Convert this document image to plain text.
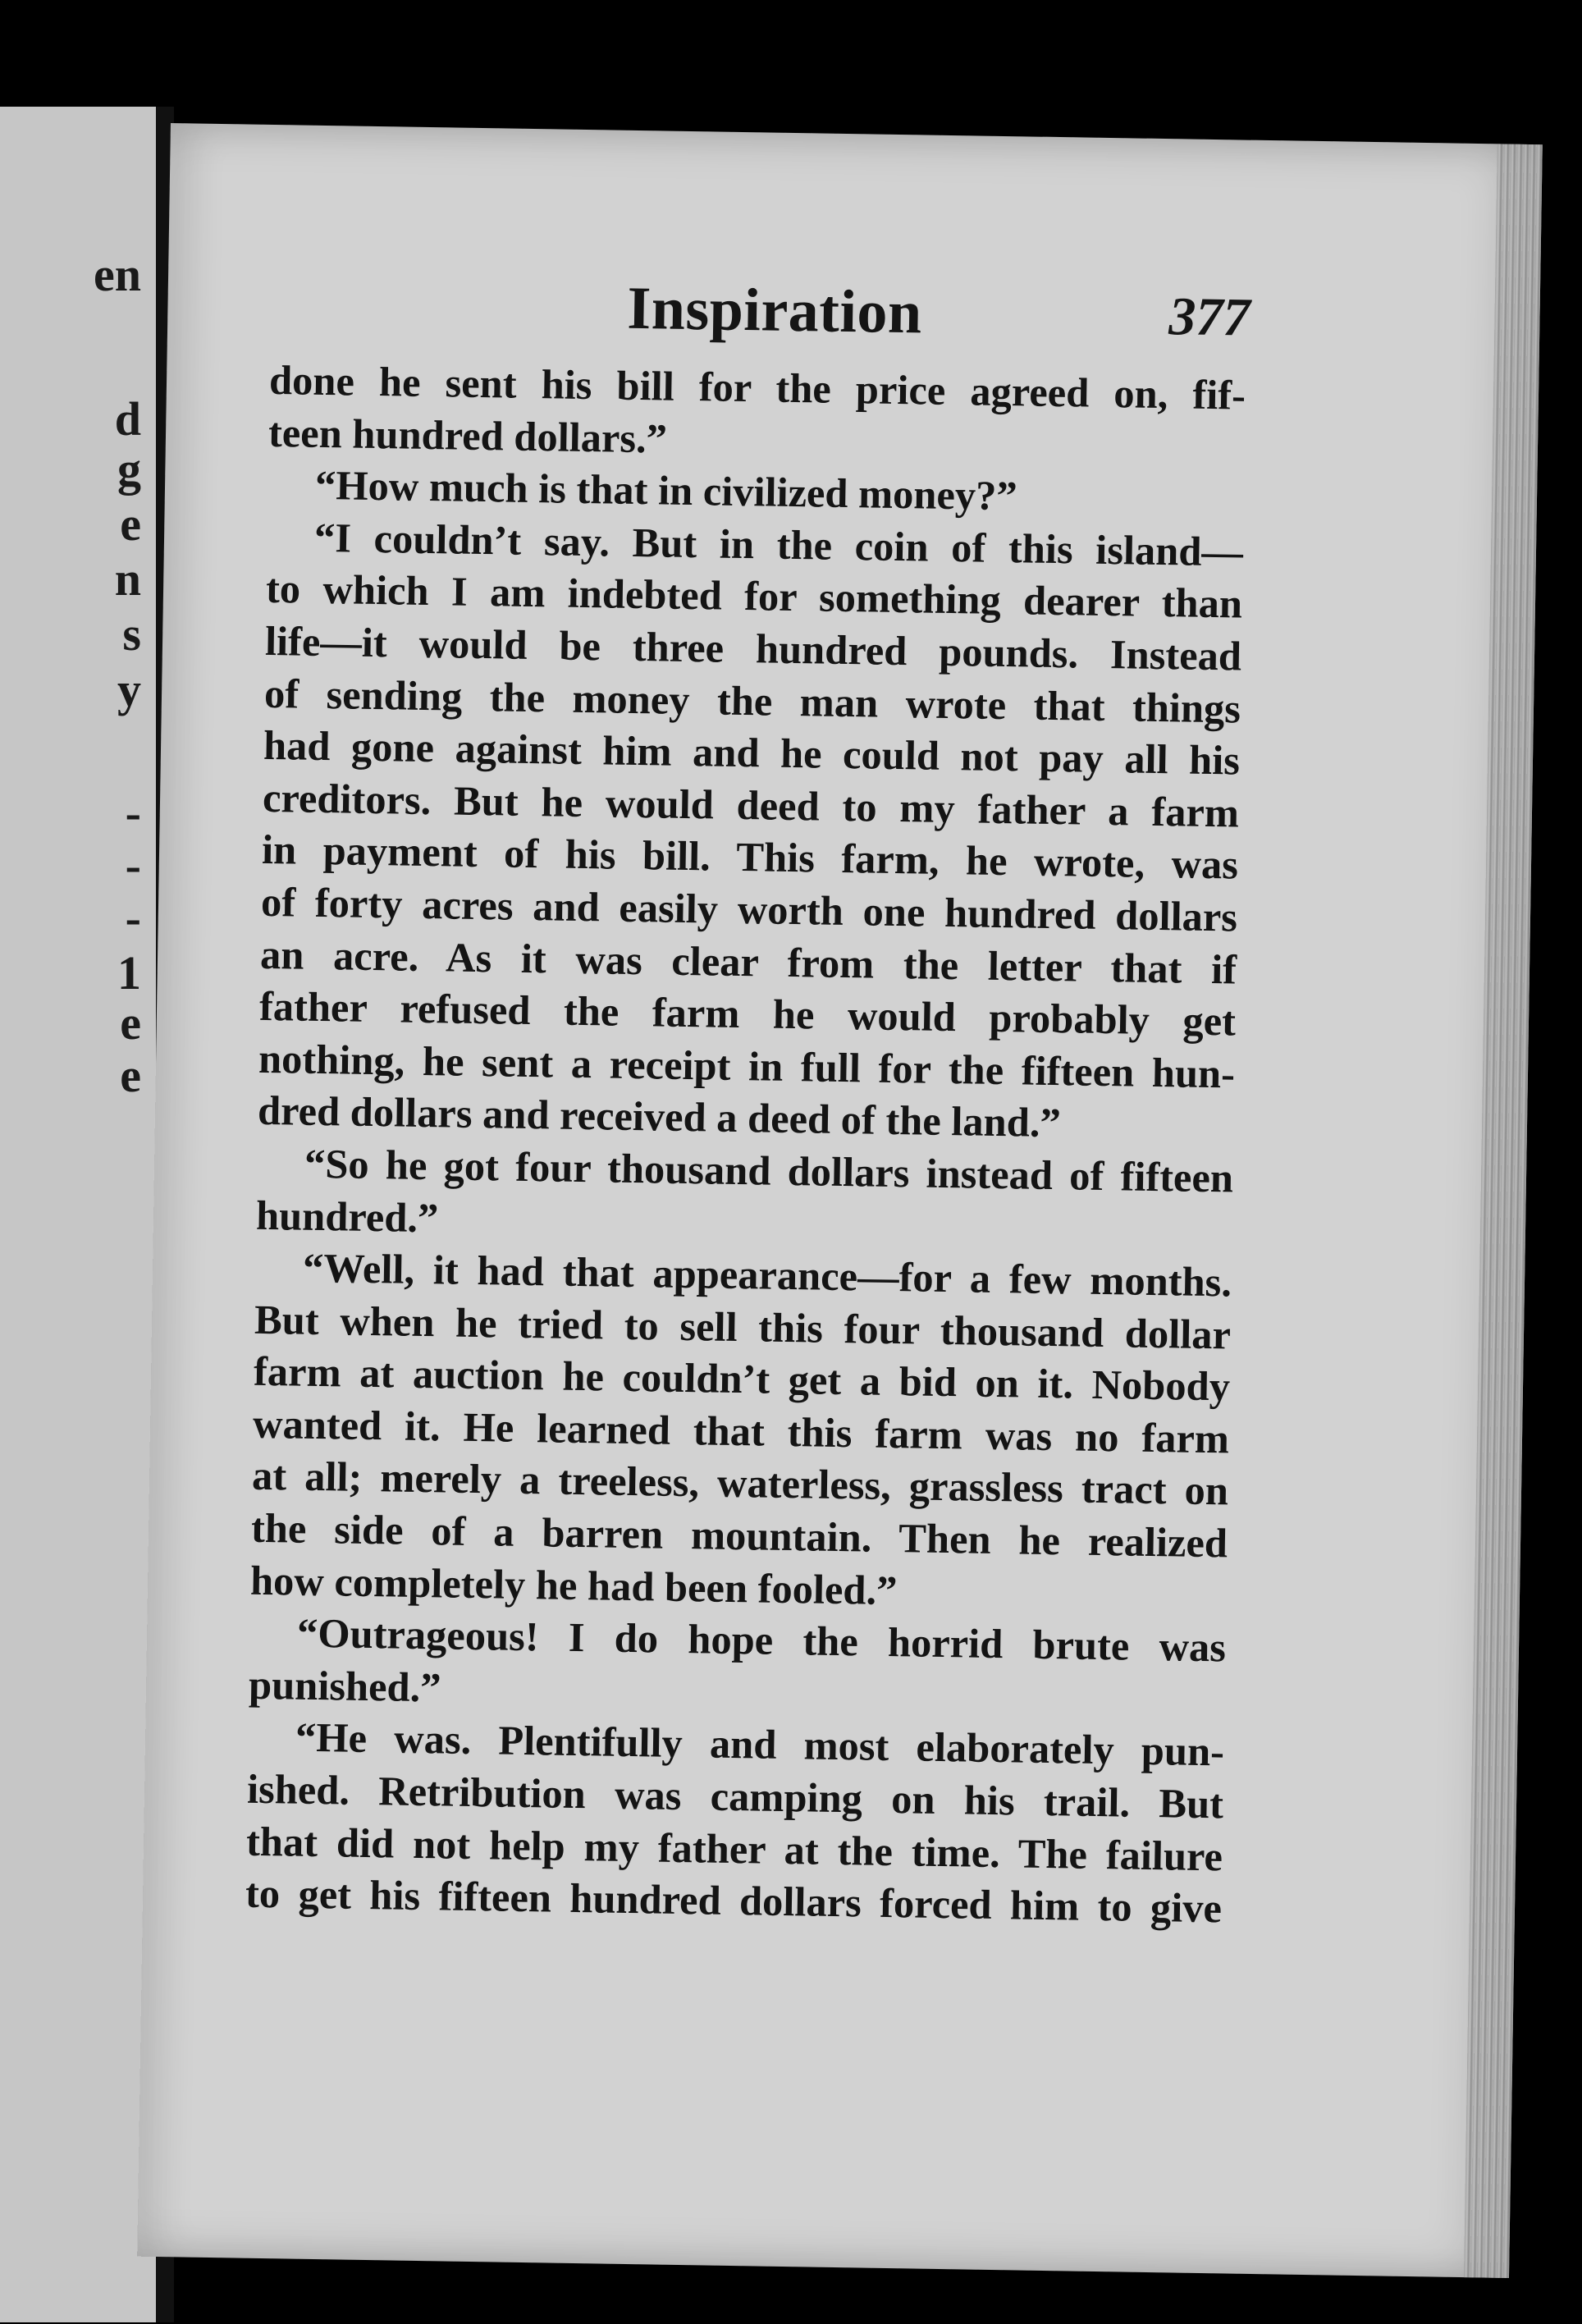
en
d
g
e
n
s
y
-
-
-
1
e
e
Inspiration	377
done he sent his bill for the price agreed on, fif-
teen hundred dollars.”
“How much is that in civilized money?”
“I couldn’t say. But in the coin of this island—
to which I am indebted for something dearer than
life—it would be three hundred pounds. Instead
of sending the money the man wrote that things
had gone against him and he could not pay all his
creditors. But he would deed to my father a farm
in payment of his bill. This farm, he wrote, was
of forty acres and easily worth one hundred dollars
an acre. As it was clear from the letter that if
father refused the farm he would probably get
nothing, he sent a receipt in full for the fifteen hun-
dred dollars and received a deed of the land.”
“So he got four thousand dollars instead of fifteen
hundred.”
“Well, it had that appearance—for a few months.
But when he tried to sell this four thousand dollar
farm at auction he couldn’t get a bid on it. Nobody
wanted it. He learned that this farm was no farm
at all; merely a treeless, waterless, grassless tract on
the side of a barren mountain. Then he realized
how completely he had been fooled.”
“Outrageous! I do hope the horrid brute was
punished.”
“He was. Plentifully and most elaborately pun-
ished. Retribution was camping on his trail. But
that did not help my father at the time. The failure
to get his fifteen hundred dollars forced him to give
